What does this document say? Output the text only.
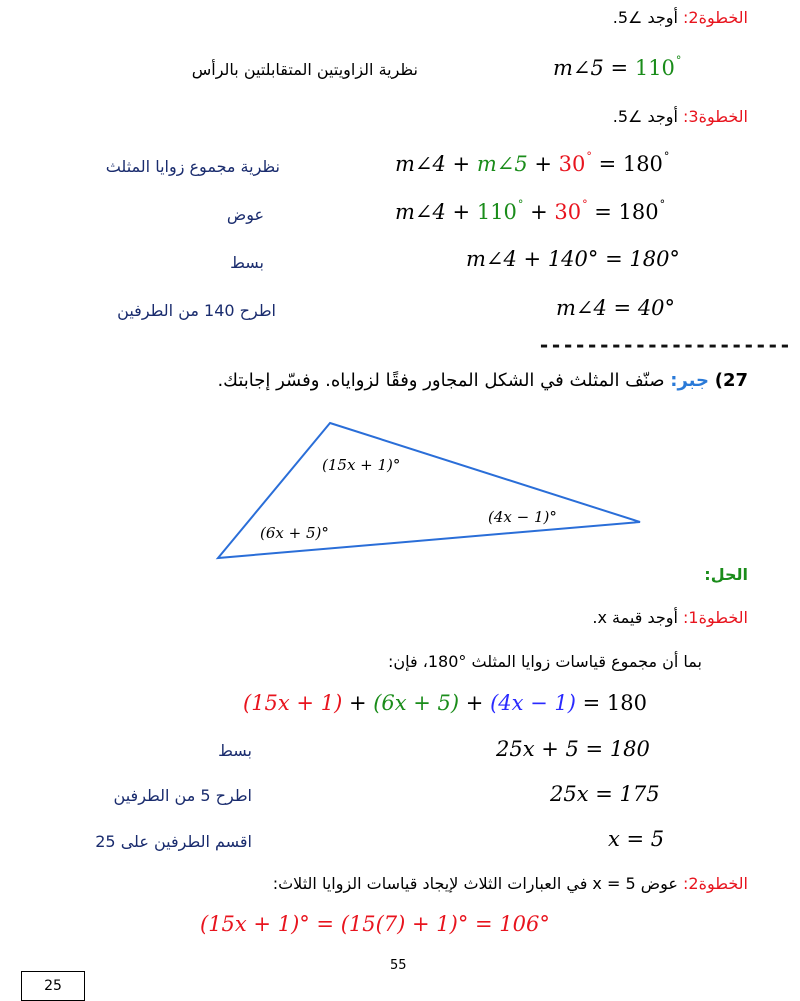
الخطوة2: أوجد ∠5.
m∠5 = 110°
نظرية الزاويتين المتقابلتين بالرأس
الخطوة3: أوجد ∠5.
m∠4 + m∠5 + 30° = 180°
نظرية مجموع زوايا المثلث
m∠4 + 110° + 30° = 180°
عوض
m∠4 + 140° = 180°
بسط
m∠4 = 40°
اطرح 140 من الطرفين
---------------------
27) جبر: صنّف المثلث في الشكل المجاور وفقًا لزواياه. وفسّر إجابتك.
(15x + 1)°
(4x − 1)°
(6x + 5)°
الحل:
الخطوة1: أوجد قيمة x.
بما أن مجموع قياسات زوايا المثلث °180، فإن:
(15x + 1) + (6x + 5) + (4x − 1) = 180
25x + 5 = 180
بسط
25x = 175
اطرح 5 من الطرفين
x = 5
اقسم الطرفين على 25
الخطوة2: عوض x = 5 في العبارات الثلاث لإيجاد قياسات الزوايا الثلاث:
(15x + 1)° = (15(7) + 1)° = 106°
55
25
